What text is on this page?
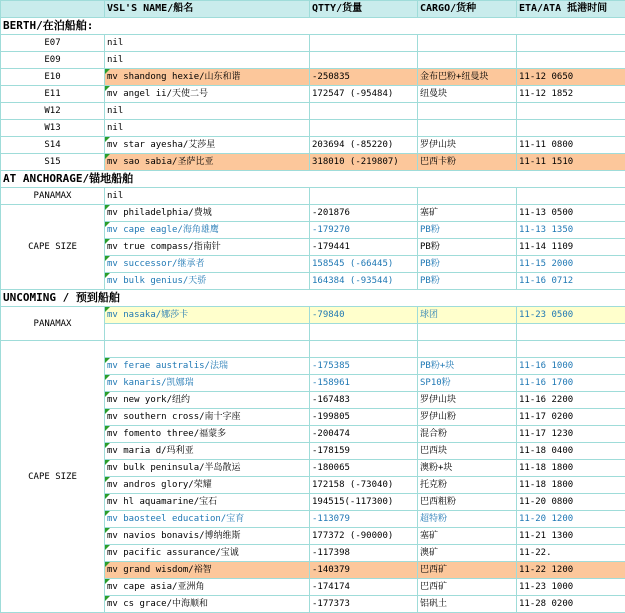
	VSL'S NAME/船名	QTTY/货量	CARGO/货种	ETA/ATA 抵港时间
BERTH/在泊船舶:				
E07	nil			
E09	nil			
E10	mv shandong hexie/山东和谐	-250835	金布巴粉+纽曼块	11-12 0650
E11	mv angel ii/天使二号	172547 (-95484)	纽曼块	11-12 1852
W12	nil			
W13	nil			
S14	mv star ayesha/艾莎星	203694 (-85220)	罗伊山块	11-11 0800
S15	mv sao sabia/圣萨比亚	318010 (-219807)	巴西卡粉	11-11 1510
AT ANCHORAGE/锚地船舶				
PANAMAX	nil			
CAPE SIZE	mv philadelphia/费城	-201876	塞矿	11-13 0500
	mv cape eagle/海角雄鹰	-179270	PB粉	11-13 1350
	mv true compass/指南针	-179441	PB粉	11-14 1109
	mv successor/继承者	158545 (-66445)	PB粉	11-15 2000
	mv bulk genius/天骄	164384 (-93544)	PB粉	11-16 0712
UNCOMING / 预到船舶				
PANAMAX	mv nasaka/娜莎卡	-79840	球团	11-23 0500

CAPE SIZE				
	mv ferae australis/法瑞	-175385	PB粉+块	11-16 1000
	mv kanaris/凯娜瑞	-158961	SP10粉	11-16 1700
	mv new york/纽约	-167483	罗伊山块	11-16 2200
	mv southern cross/南十字座	-199805	罗伊山粉	11-17 0200
	mv fomento three/福蒙多	-200474	混合粉	11-17 1230
	mv maria d/玛利亚	-178159	巴西块	11-18 0400
	mv bulk peninsula/半岛散运	-180065	澳粉+块	11-18 1800
	mv andros glory/荣耀	172158 (-73040)	托克粉	11-18 1800
	mv hl aquamarine/宝石	194515(-117300)	巴西粗粉	11-20 0800
	mv baosteel education/宝育	-113079	超特粉	11-20 1200
	mv navios bonavis/博纳维斯	177372 (-90000)	塞矿	11-21 1300
	mv pacific assurance/宝诚	-117398	澳矿	11-22.
	mv grand wisdom/裕智	-140379	巴西矿	11-22 1200
	mv cape asia/亚洲角	-174174	巴西矿	11-23 1000
	mv cs grace/中海顺和	-177373	铝矾土	11-28 0200
